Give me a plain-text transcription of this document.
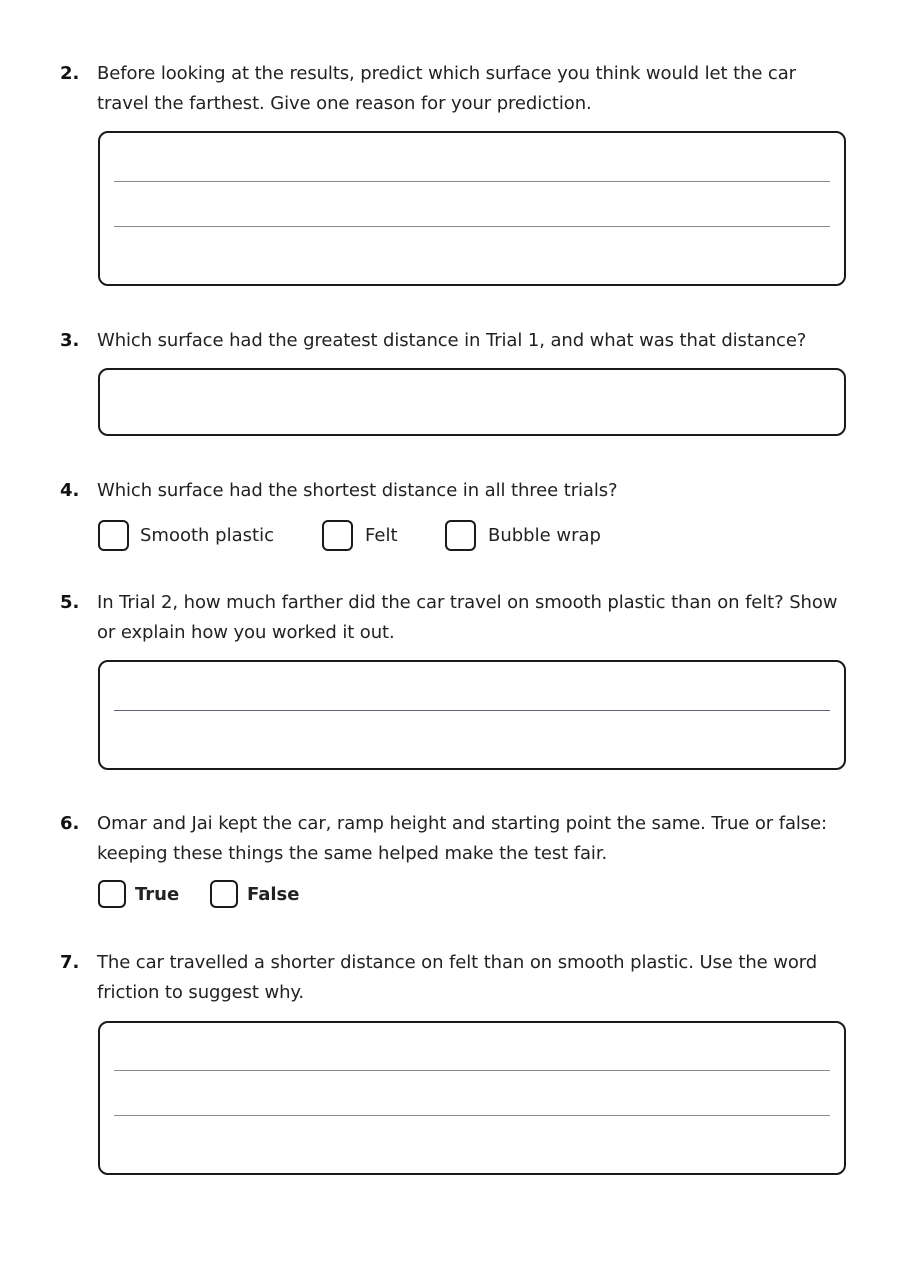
2. Before looking at the results, predict which surface you think would let the car
travel the farthest. Give one reason for your prediction.
3. Which surface had the greatest distance in Trial 1, and what was that distance?
4. Which surface had the shortest distance in all three trials?
Smooth plastic	Felt	Bubble wrap
5. In Trial 2, how much farther did the car travel on smooth plastic than on felt? Show
or explain how you worked it out.
6. Omar and Jai kept the car, ramp height and starting point the same. True or false:
keeping these things the same helped make the test fair.
True	False
7. The car travelled a shorter distance on felt than on smooth plastic. Use the word
friction to suggest why.
